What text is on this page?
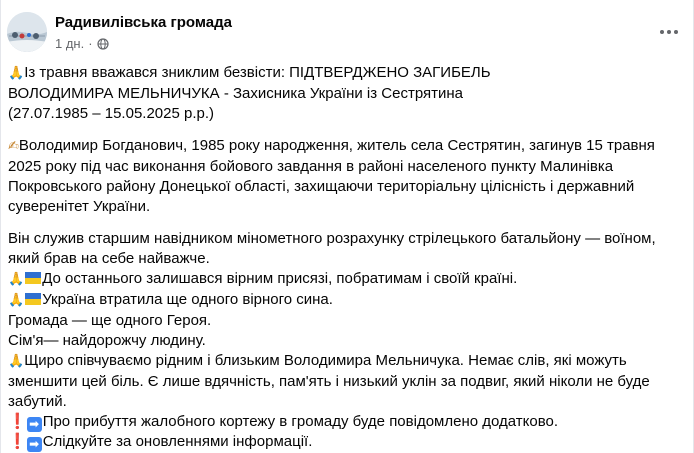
Радивилівська громада
1 дн. ·

🙏Із травня вважався зниклим безвісти: ПІДТВЕРДЖЕНО ЗАГИБЕЛЬ

ВОЛОДИМИРА МЕЛЬНИЧУКА - Захисника України із Сестрятина

(27.07.1985 – 15.05.2025 р.р.)

✍Володимир Богданович, 1985 року народження, житель села Сестрятин, загинув 15 травня 2025 року під час виконання бойового завдання в районі населеного пункту Малинівка Покровського району Донецької області, захищаючи територіальну цілісність і державний суверенітет України.

Він служив старшим навідником мінометного розрахунку стрілецького батальйону — воїном, який брав на себе найважче.

🙏 До останнього залишався вірним присязі, побратимам і своїй країні.

🙏 Україна втратила ще одного вірного сина.

Громада — ще одного Героя.

Сім'я— найдорожчу людину.

🙏Щиро співчуваємо рідним і близьким Володимира Мельничука. Немає слів, які можуть зменшити цей біль. Є лише вдячність, пам'ять і низький уклін за подвиг, який ніколи не буде забутий.

❗ ➡ Про прибуття жалобного кортежу в громаду буде повідомлено додатково.

❗ ➡ Слідкуйте за оновленнями інформації.
